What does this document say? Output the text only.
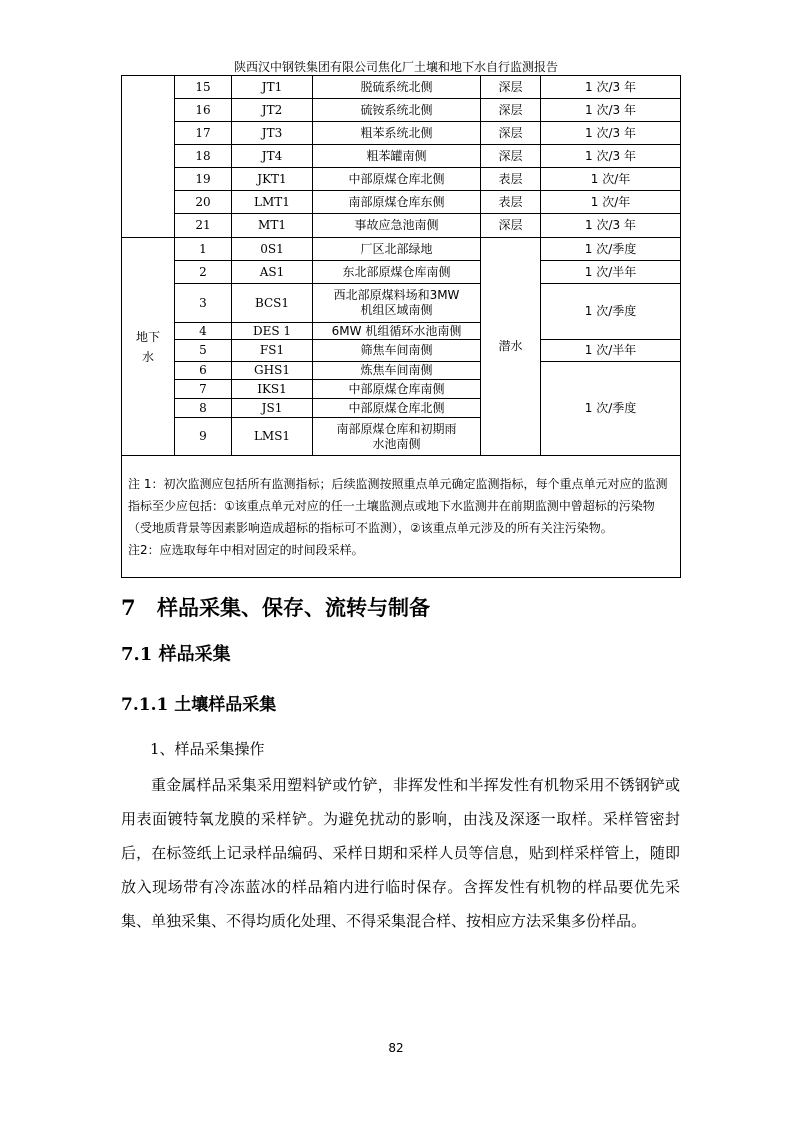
陕西汉中钢铁集团有限公司焦化厂土壤和地下水自行监测报告
	15	JT1	脱硫系统北侧	深层	1 次/3 年
	16	JT2	硫铵系统北侧	深层	1 次/3 年
	17	JT3	粗苯系统北侧	深层	1 次/3 年
	18	JT4	粗苯罐南侧	深层	1 次/3 年
	19	JKT1	中部原煤仓库北侧	表层	1 次/年
	20	LMT1	南部原煤仓库东侧	表层	1 次/年
	21	MT1	事故应急池南侧	深层	1 次/3 年
地下水	1	0S1	厂区北部绿地	潜水	1 次/季度
	2	AS1	东北部原煤仓库南侧		1 次/半年
	3	BCS1	西北部原煤料场和3MW
机组区域南侧		1 次/季度
	4	DES 1	6MW 机组循环水池南侧		
	5	FS1	筛焦车间南侧		1 次/半年
	6	GHS1	炼焦车间南侧		1 次/季度
	7	IKS1	中部原煤仓库南侧		
	8	JS1	中部原煤仓库北侧		
	9	LMS1	南部原煤仓库和初期雨
水池南侧		

注 1：初次监测应包括所有监测指标；后续监测按照重点单元确定监测指标，每个重点单元对应的监测指标至少应包括：①该重点单元对应的任一土壤监测点或地下水监测井在前期监测中曾超标的污染物（受地质背景等因素影响造成超标的指标可不监测），②该重点单元涉及的所有关注污染物。

注2：应选取每年中相对固定的时间段采样。					

7 样品采集、保存、流转与制备
7.1 样品采集
7.1.1 土壤样品采集

1、样品采集操作

重金属样品采集采用塑料铲或竹铲，非挥发性和半挥发性有机物采用不锈钢铲或用表面镀特氧龙膜的采样铲。为避免扰动的影响，由浅及深逐一取样。采样管密封后，在标签纸上记录样品编码、采样日期和采样人员等信息，贴到样采样管上，随即放入现场带有冷冻蓝冰的样品箱内进行临时保存。含挥发性有机物的样品要优先采集、单独采集、不得均质化处理、不得采集混合样、按相应方法采集多份样品。

82
